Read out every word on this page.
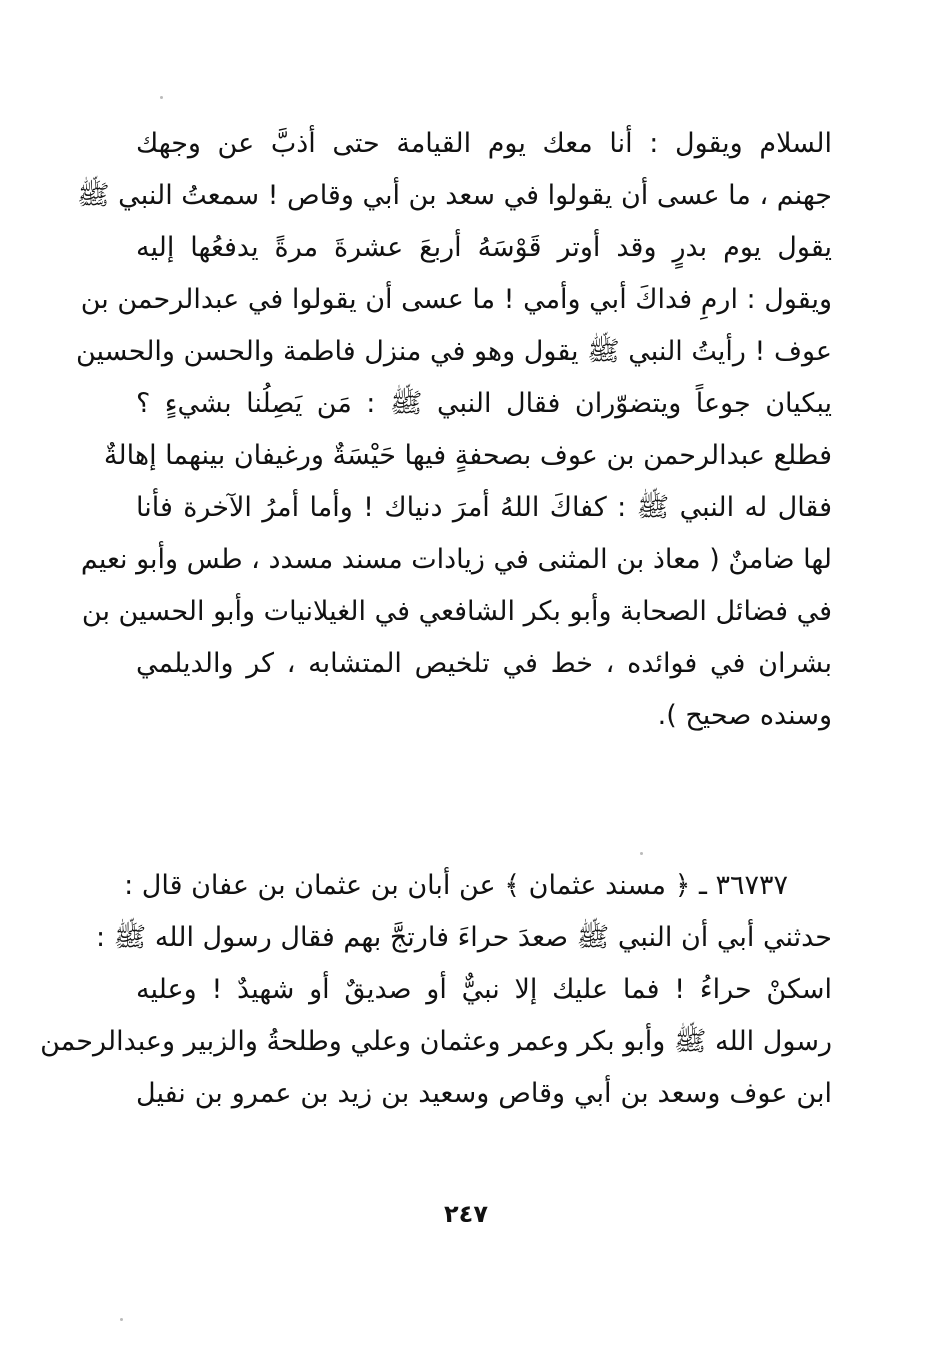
السلام ويقول : أنا معك يوم القيامة حتى أذبَّ عن وجهك
جهنم ، ما عسى أن يقولوا في سعد بن أبي وقاص ! سمعتُ النبي ﷺ
يقول يوم بدرٍ وقد أوتر قَوْسَهُ أربعَ عشرةَ مرةً يدفعُها إليه
ويقول : ارمِ فداكَ أبي وأمي ! ما عسى أن يقولوا في عبدالرحمن بن
عوف ! رأيتُ النبي ﷺ يقول وهو في منزل فاطمة والحسن والحسين
يبكيان جوعاً ويتضوّران فقال النبي ﷺ : مَن يَصِلُنا بشيءٍ ؟
فطلع عبدالرحمن بن عوف بصحفةٍ فيها حَيْسَةٌ ورغيفان بينهما إهالةٌ
فقال له النبي ﷺ : كفاكَ اللهُ أمرَ دنياك ! وأما أمرُ الآخرة فأنا
لها ضامنٌ ( معاذ بن المثنى في زيادات مسند مسدد ، طس وأبو نعيم
في فضائل الصحابة وأبو بكر الشافعي في الغيلانيات وأبو الحسين بن
بشران في فوائده ، خط في تلخيص المتشابه ، كر والديلمي
وسنده صحيح ).
٣٦٧٣٧ ـ ﴿ مسند عثمان ﴾ عن أبان بن عثمان بن عفان قال :
حدثني أبي أن النبي ﷺ صعدَ حراءَ فارتجَّ بهم فقال رسول الله ﷺ :
اسكنْ حراءُ ! فما عليك إلا نبيٌّ أو صديقٌ أو شهيدٌ ! وعليه
رسول الله ﷺ وأبو بكر وعمر وعثمان وعلي وطلحةُ والزبير وعبدالرحمن
ابن عوف وسعد بن أبي وقاص وسعيد بن زيد بن عمرو بن نفيل
٢٤٧
